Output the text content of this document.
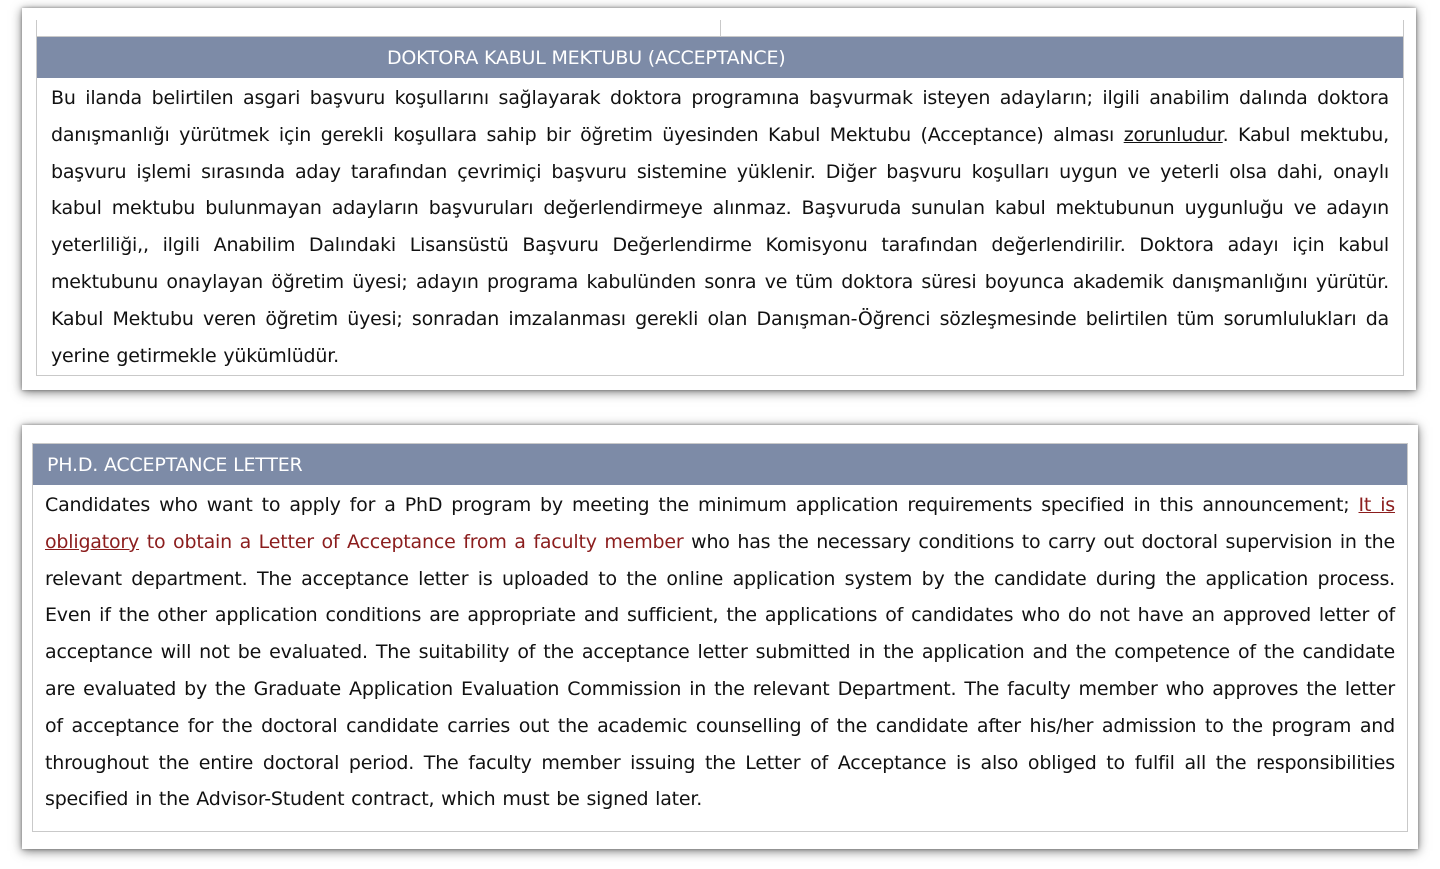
DOKTORA KABUL MEKTUBU (ACCEPTANCE)
Bu ilanda belirtilen asgari başvuru koşullarını sağlayarak doktora programına başvurmak isteyen adayların; ilgili anabilim dalında doktora danışmanlığı yürütmek için gerekli koşullara sahip bir öğretim üyesinden Kabul Mektubu (Acceptance) alması zorunludur. Kabul mektubu, başvuru işlemi sırasında aday tarafından çevrimiçi başvuru sistemine yüklenir. Diğer başvuru koşulları uygun ve yeterli olsa dahi, onaylı kabul mektubu bulunmayan adayların başvuruları değerlendirmeye alınmaz. Başvuruda sunulan kabul mektubunun uygunluğu ve adayın yeterliliği,, ilgili Anabilim Dalındaki Lisansüstü Başvuru Değerlendirme Komisyonu tarafından değerlendirilir. Doktora adayı için kabul mektubunu onaylayan öğretim üyesi; adayın programa kabulünden sonra ve tüm doktora süresi boyunca akademik danışmanlığını yürütür. Kabul Mektubu veren öğretim üyesi; sonradan imzalanması gerekli olan Danışman-Öğrenci sözleşmesinde belirtilen tüm sorumlulukları da yerine getirmekle yükümlüdür.
PH.D. ACCEPTANCE LETTER
Candidates who want to apply for a PhD program by meeting the minimum application requirements specified in this announcement; It is obligatory to obtain a Letter of Acceptance from a faculty member who has the necessary conditions to carry out doctoral supervision in the relevant department. The acceptance letter is uploaded to the online application system by the candidate during the application process. Even if the other application conditions are appropriate and sufficient, the applications of candidates who do not have an approved letter of acceptance will not be evaluated. The suitability of the acceptance letter submitted in the application and the competence of the candidate are evaluated by the Graduate Application Evaluation Commission in the relevant Department. The faculty member who approves the letter of acceptance for the doctoral candidate carries out the academic counselling of the candidate after his/her admission to the program and throughout the entire doctoral period. The faculty member issuing the Letter of Acceptance is also obliged to fulfil all the responsibilities specified in the Advisor-Student contract, which must be signed later.
